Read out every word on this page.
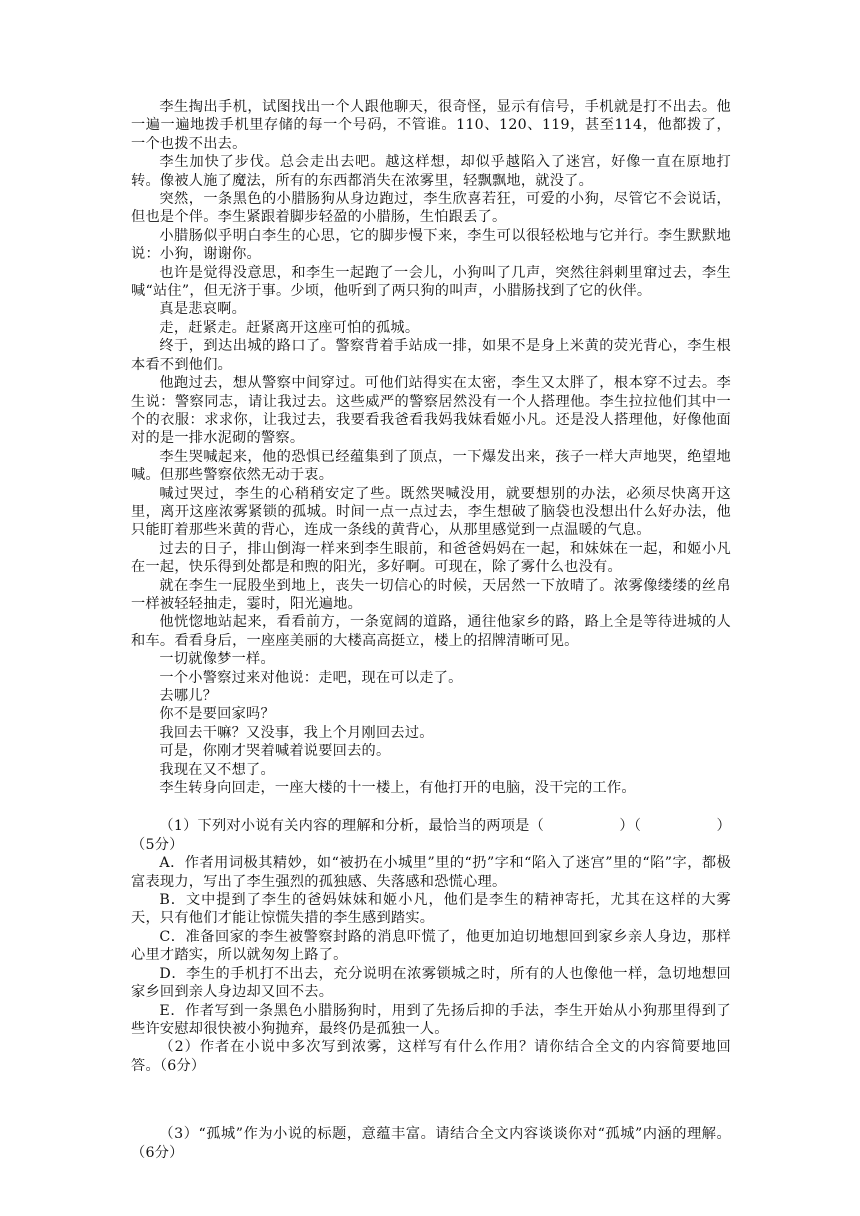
李生掏出手机，试图找出一个人跟他聊天，很奇怪，显示有信号，手机就是打不出去。他一遍一遍地拨手机里存储的每一个号码，不管谁。110、120、119，甚至114，他都拨了，一个也拨不出去。

李生加快了步伐。总会走出去吧。越这样想，却似乎越陷入了迷宫，好像一直在原地打转。像被人施了魔法，所有的东西都消失在浓雾里，轻飘飘地，就没了。

突然，一条黑色的小腊肠狗从身边跑过，李生欣喜若狂，可爱的小狗，尽管它不会说话，但也是个伴。李生紧跟着脚步轻盈的小腊肠，生怕跟丢了。

小腊肠似乎明白李生的心思，它的脚步慢下来，李生可以很轻松地与它并行。李生默默地说：小狗，谢谢你。

也许是觉得没意思，和李生一起跑了一会儿，小狗叫了几声，突然往斜刺里窜过去，李生喊“站住”，但无济于事。少顷，他听到了两只狗的叫声，小腊肠找到了它的伙伴。

真是悲哀啊。

走，赶紧走。赶紧离开这座可怕的孤城。

终于，到达出城的路口了。警察背着手站成一排，如果不是身上米黄的荧光背心，李生根本看不到他们。

他跑过去，想从警察中间穿过。可他们站得实在太密，李生又太胖了，根本穿不过去。李生说：警察同志，请让我过去。这些威严的警察居然没有一个人搭理他。李生拉拉他们其中一个的衣服：求求你，让我过去，我要看我爸看我妈我妹看姬小凡。还是没人搭理他，好像他面对的是一排水泥砌的警察。

李生哭喊起来，他的恐惧已经蕴集到了顶点，一下爆发出来，孩子一样大声地哭，绝望地喊。但那些警察依然无动于衷。

喊过哭过，李生的心稍稍安定了些。既然哭喊没用，就要想别的办法，必须尽快离开这里，离开这座浓雾紧锁的孤城。时间一点一点过去，李生想破了脑袋也没想出什么好办法，他只能盯着那些米黄的背心，连成一条线的黄背心，从那里感觉到一点温暖的气息。

过去的日子，排山倒海一样来到李生眼前，和爸爸妈妈在一起，和妹妹在一起，和姬小凡在一起，快乐得到处都是和煦的阳光，多好啊。可现在，除了雾什么也没有。

就在李生一屁股坐到地上，丧失一切信心的时候，天居然一下放晴了。浓雾像缕缕的丝帛一样被轻轻抽走，霎时，阳光遍地。

他恍惚地站起来，看看前方，一条宽阔的道路，通往他家乡的路，路上全是等待进城的人和车。看看身后，一座座美丽的大楼高高挺立，楼上的招牌清晰可见。

一切就像梦一样。

一个小警察过来对他说：走吧，现在可以走了。

去哪儿？

你不是要回家吗？

我回去干嘛？又没事，我上个月刚回去过。

可是，你刚才哭着喊着说要回去的。

我现在又不想了。

李生转身向回走，一座大楼的十一楼上，有他打开的电脑，没干完的工作。

（1）下列对小说有关内容的理解和分析，最恰当的两项是（	）（	）

（5分）

A．作者用词极其精妙，如“被扔在小城里”里的“扔”字和“陷入了迷宫”里的“陷”字，都极富表现力，写出了李生强烈的孤独感、失落感和恐慌心理。

B．文中提到了李生的爸妈妹妹和姬小凡，他们是李生的精神寄托，尤其在这样的大雾天，只有他们才能让惊慌失措的李生感到踏实。

C．准备回家的李生被警察封路的消息吓慌了，他更加迫切地想回到家乡亲人身边，那样心里才踏实，所以就匆匆上路了。

D．李生的手机打不出去，充分说明在浓雾锁城之时，所有的人也像他一样，急切地想回家乡回到亲人身边却又回不去。

E．作者写到一条黑色小腊肠狗时，用到了先扬后抑的手法，李生开始从小狗那里得到了些许安慰却很快被小狗抛弃，最终仍是孤独一人。

（2）作者在小说中多次写到浓雾，这样写有什么作用？请你结合全文的内容简要地回答。（6分）

（3）“孤城”作为小说的标题，意蕴丰富。请结合全文内容谈谈你对“孤城”内涵的理解。（6分）
